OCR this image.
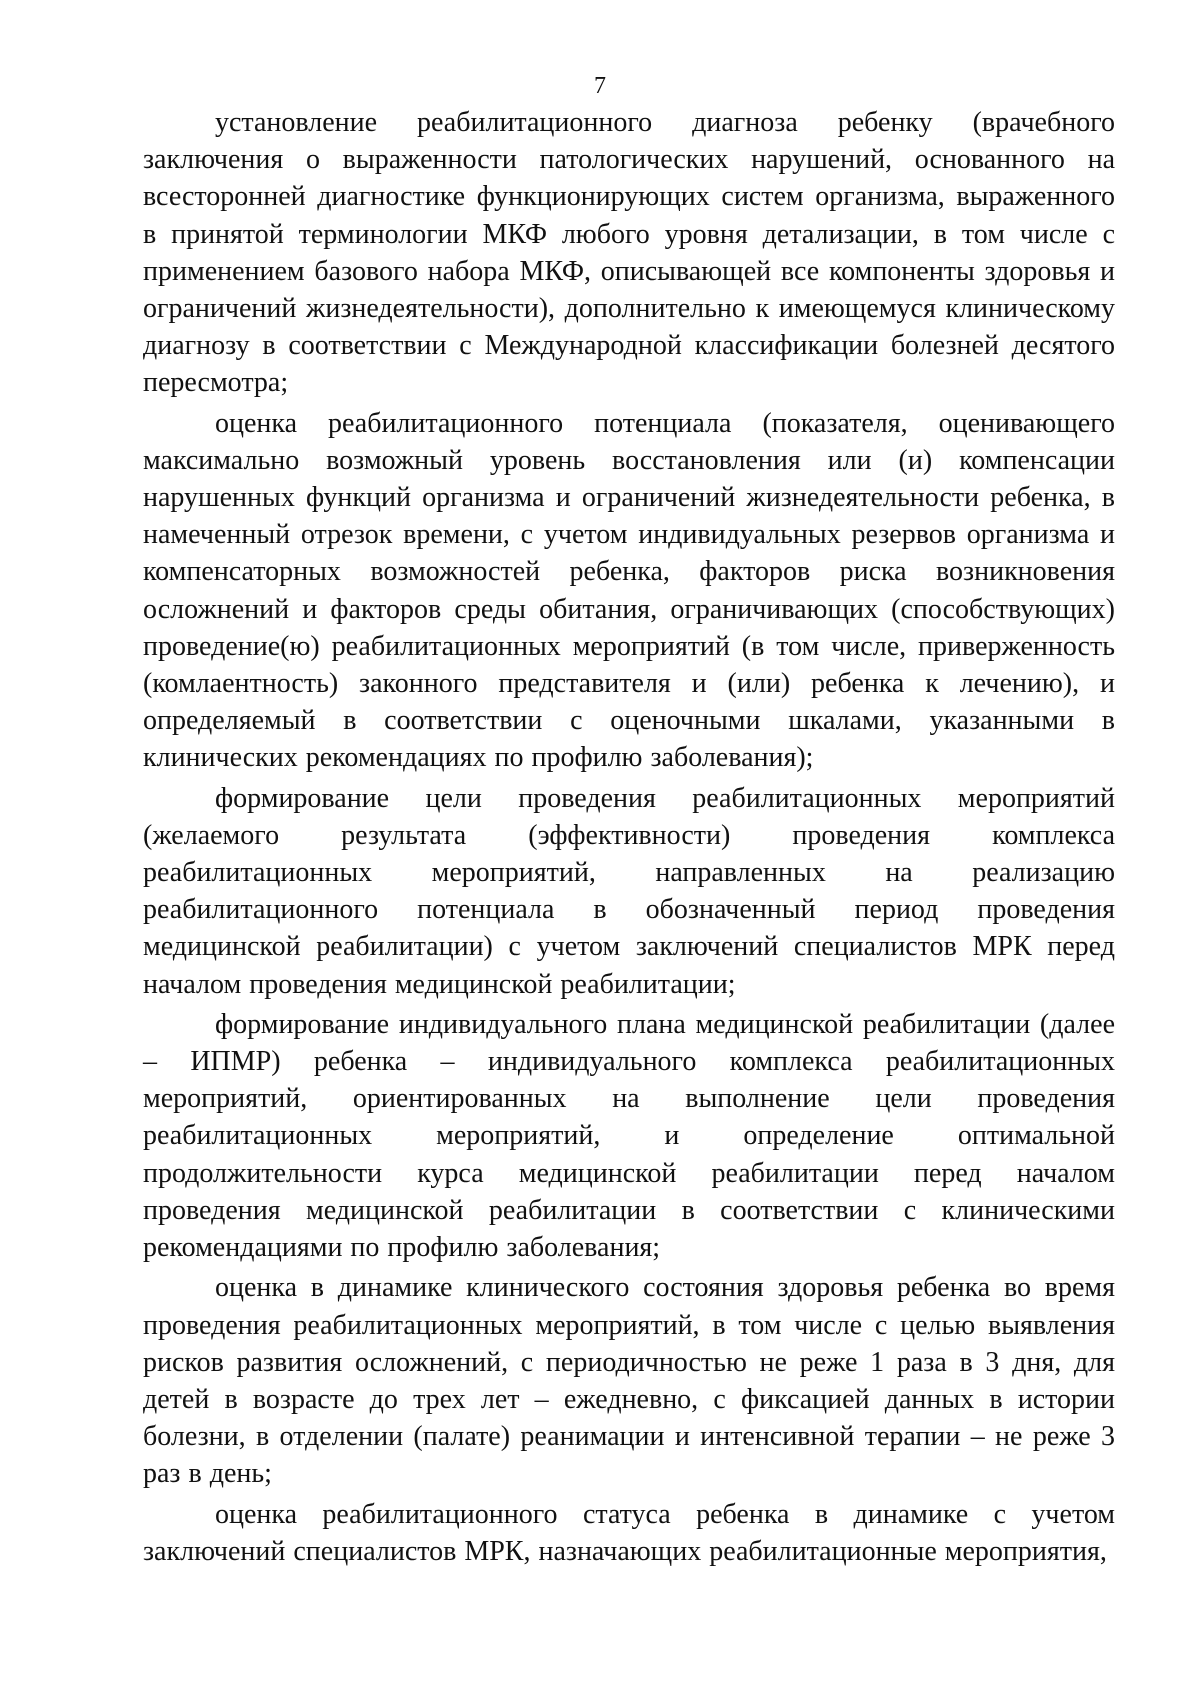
7

установление реабилитационного диагноза ребенку (врачебного заключения о выраженности патологических нарушений, основанного на всесторонней диагностике функционирующих систем организма, выраженного в принятой терминологии МКФ любого уровня детализации, в том числе с применением базового набора МКФ, описывающей все компоненты здоровья и ограничений жизнедеятельности), дополнительно к имеющемуся клиническому диагнозу в соответствии с Международной классификации болезней десятого пересмотра;

оценка реабилитационного потенциала (показателя, оценивающего максимально возможный уровень восстановления или (и) компенсации нарушенных функций организма и ограничений жизнедеятельности ребенка, в намеченный отрезок времени, с учетом индивидуальных резервов организма и компенсаторных возможностей ребенка, факторов риска возникновения осложнений и факторов среды обитания, ограничивающих (способствующих) проведение(ю) реабилитационных мероприятий (в том числе, приверженность (комлаентность) законного представителя и (или) ребенка к лечению), и определяемый в соответствии с оценочными шкалами, указанными в клинических рекомендациях по профилю заболевания);

формирование цели проведения реабилитационных мероприятий (желаемого результата (эффективности) проведения комплекса реабилитационных мероприятий, направленных на реализацию реабилитационного потенциала в обозначенный период проведения медицинской реабилитации) с учетом заключений специалистов МРК перед началом проведения медицинской реабилитации;

формирование индивидуального плана медицинской реабилитации (далее – ИПМР) ребенка – индивидуального комплекса реабилитационных мероприятий, ориентированных на выполнение цели проведения реабилитационных мероприятий, и определение оптимальной продолжительности курса медицинской реабилитации перед началом проведения медицинской реабилитации в соответствии с клиническими рекомендациями по профилю заболевания;

оценка в динамике клинического состояния здоровья ребенка во время проведения реабилитационных мероприятий, в том числе с целью выявления рисков развития осложнений, с периодичностью не реже 1 раза в 3 дня, для детей в возрасте до трех лет – ежедневно, с фиксацией данных в истории болезни, в отделении (палате) реанимации и интенсивной терапии – не реже 3 раз в день;

оценка реабилитационного статуса ребенка в динамике с учетом заключений специалистов МРК, назначающих реабилитационные мероприятия,
